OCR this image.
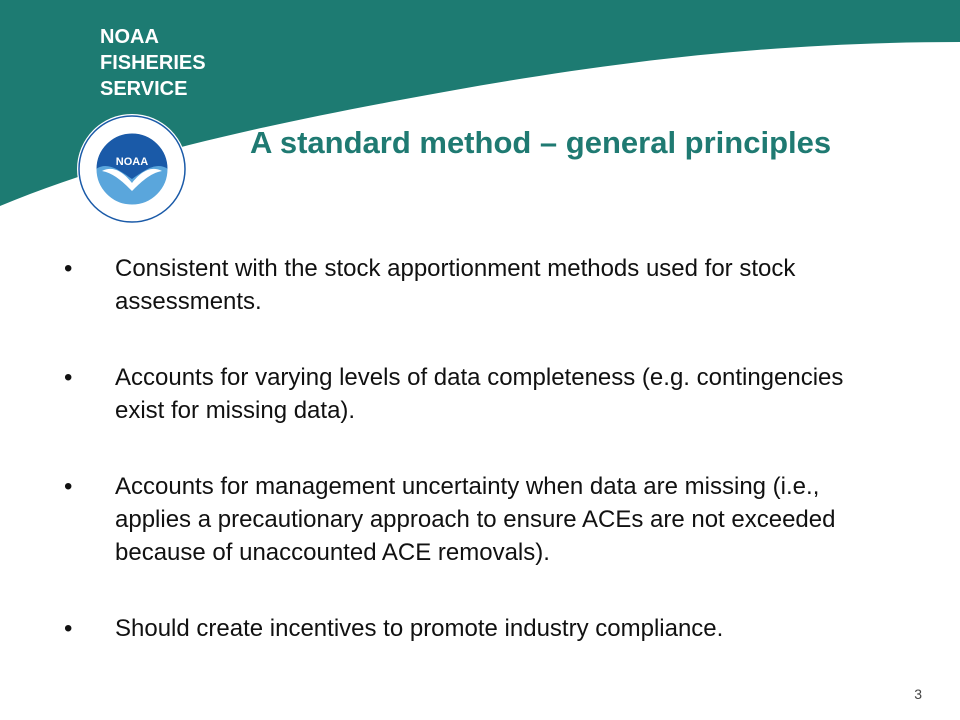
NOAA
FISHERIES
SERVICE
NOAA
A standard method – general principles
•	Consistent with the stock apportionment methods used for stock assessments.
•	Accounts for varying levels of data completeness (e.g. contingencies exist for missing data).
•	Accounts for management uncertainty when data are missing (i.e., applies a precautionary approach to ensure ACEs are not exceeded because of unaccounted ACE removals).
•	Should create incentives to promote industry compliance.
3
